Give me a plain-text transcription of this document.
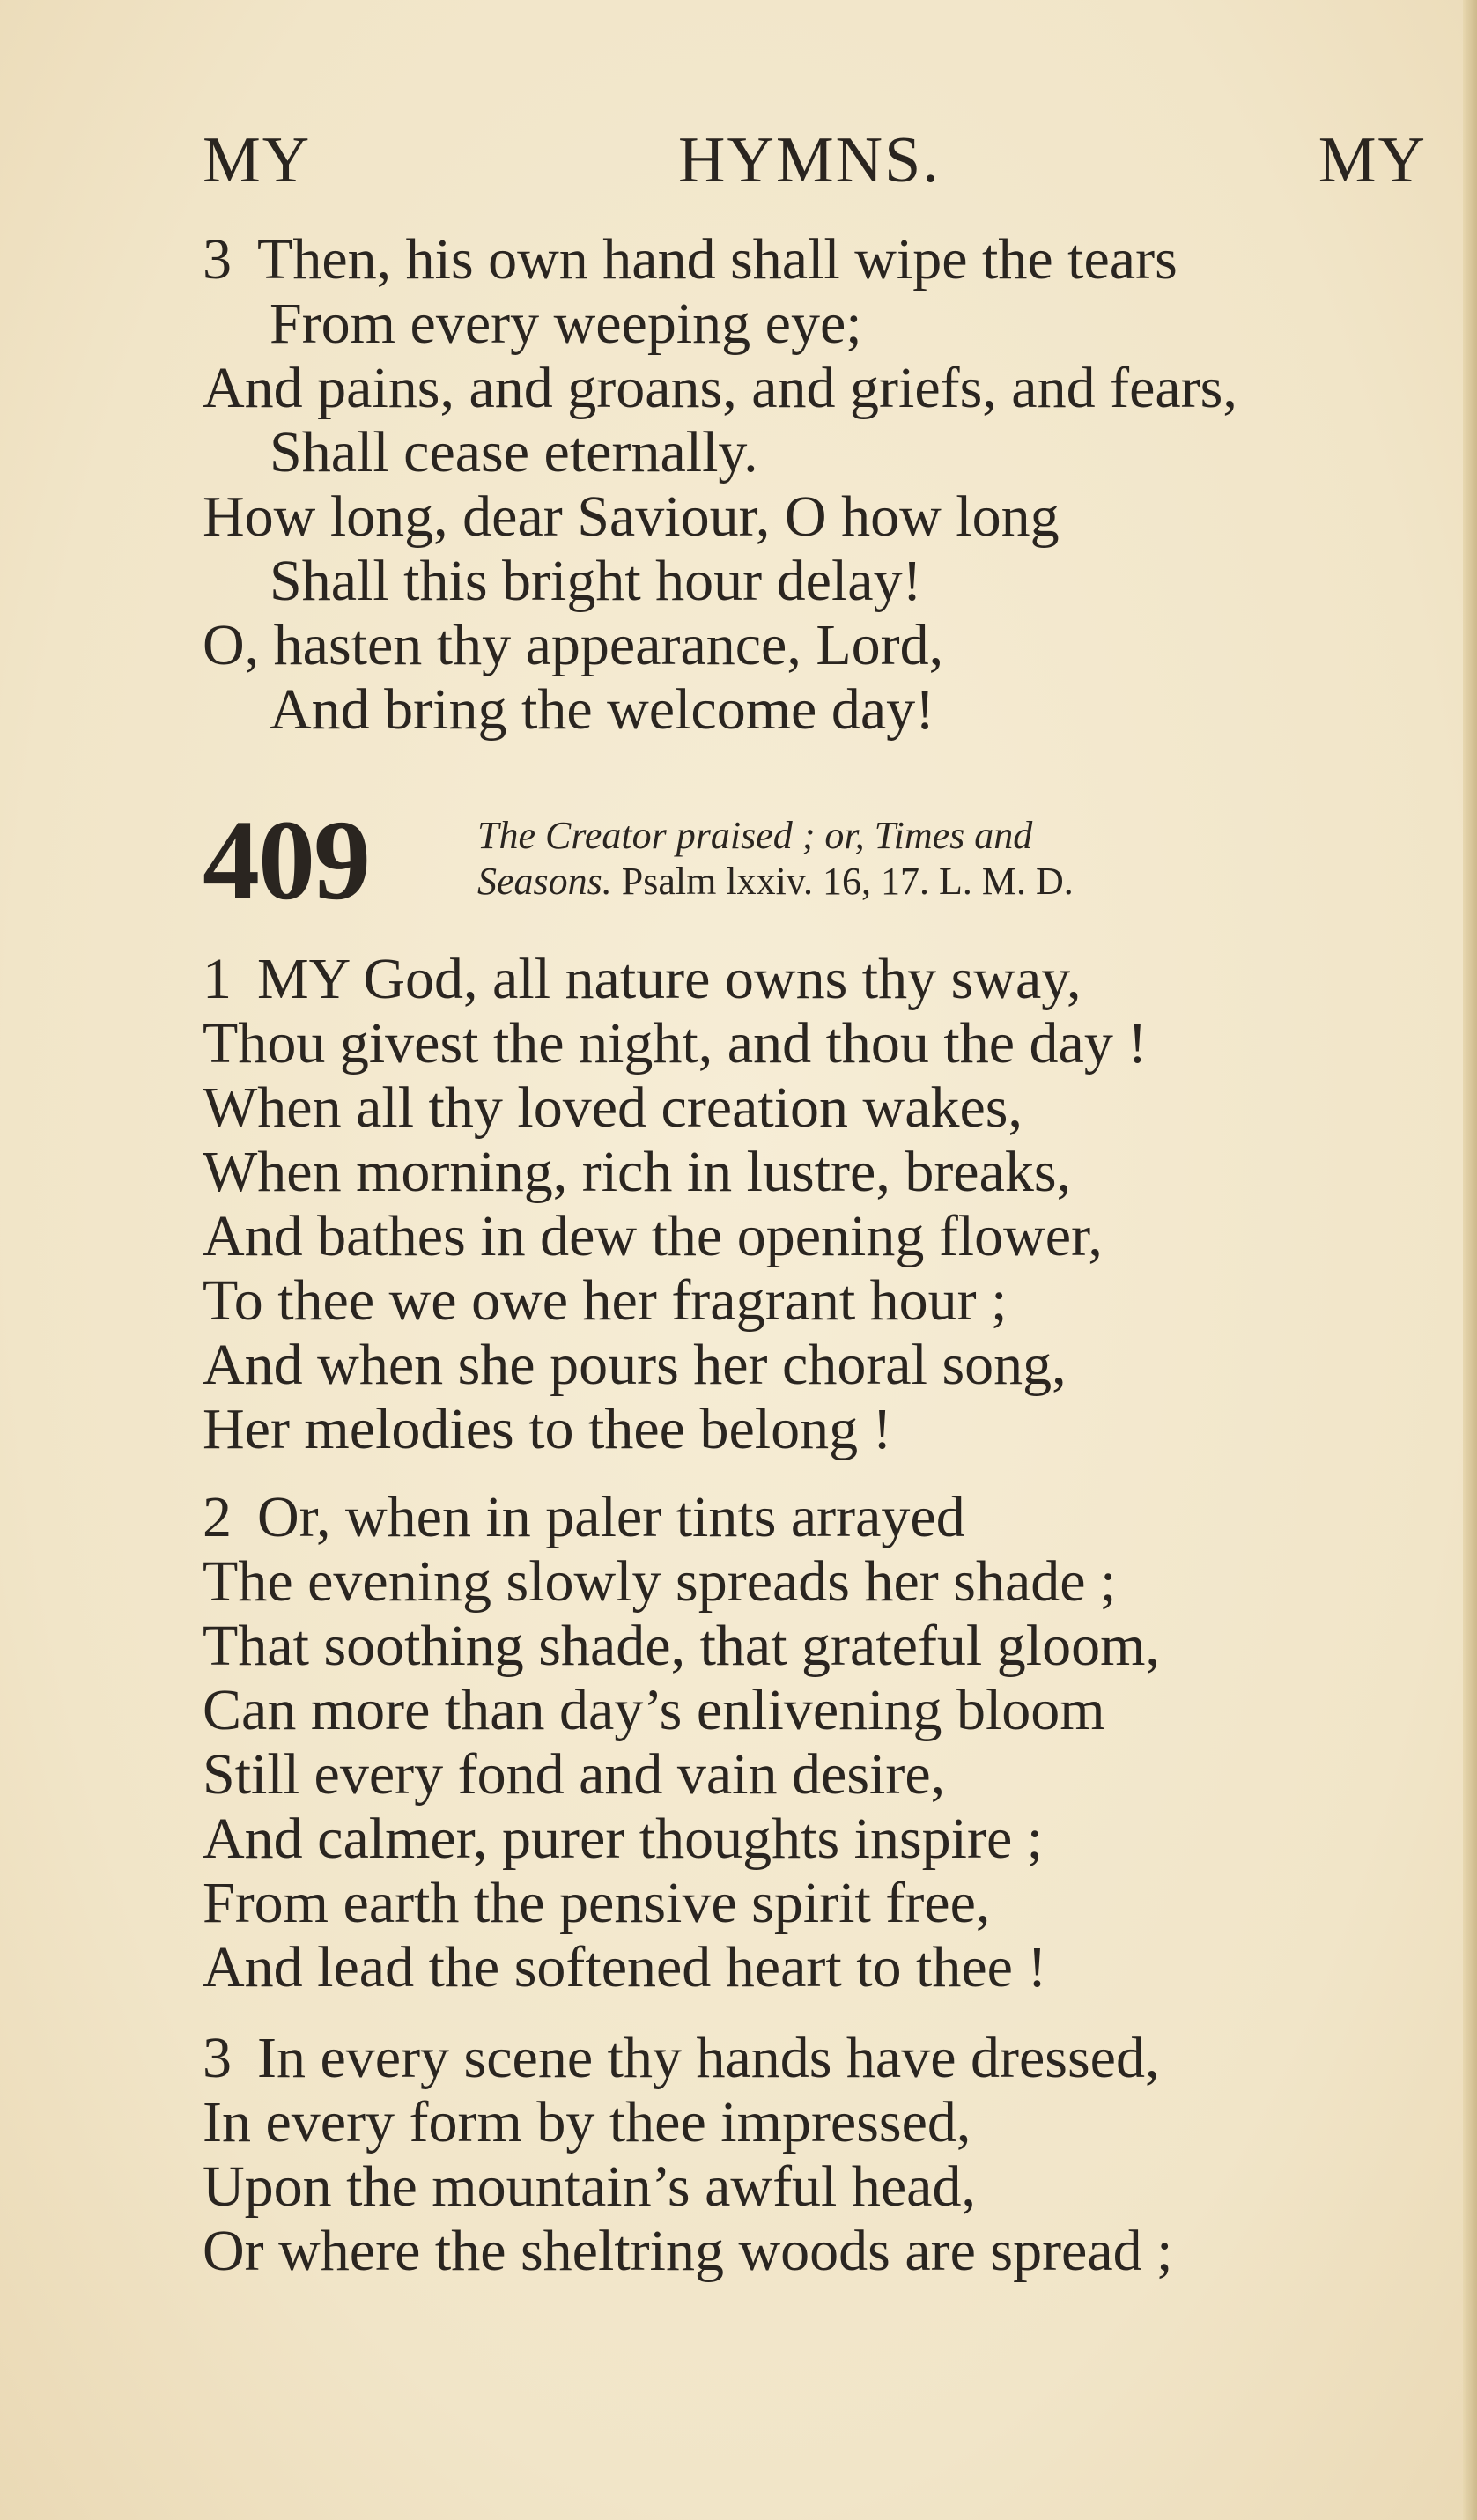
MY	HYMNS.	MY
3 Then, his own hand shall wipe the tears
From every weeping eye;
And pains, and groans, and griefs, and fears,
Shall cease eternally.
How long, dear Saviour, O how long
Shall this bright hour delay!
O, hasten thy appearance, Lord,
And bring the welcome day!
409	The Creator praised ; or, Times and
Seasons. Psalm lxxiv. 16, 17. L. M. D.
1 MY God, all nature owns thy sway,
Thou givest the night, and thou the day !
When all thy loved creation wakes,
When morning, rich in lustre, breaks,
And bathes in dew the opening flower,
To thee we owe her fragrant hour ;
And when she pours her choral song,
Her melodies to thee belong !
2 Or, when in paler tints arrayed
The evening slowly spreads her shade ;
That soothing shade, that grateful gloom,
Can more than day’s enlivening bloom
Still every fond and vain desire,
And calmer, purer thoughts inspire ;
From earth the pensive spirit free,
And lead the softened heart to thee !
3 In every scene thy hands have dressed,
In every form by thee impressed,
Upon the mountain’s awful head,
Or where the sheltring woods are spread ;
